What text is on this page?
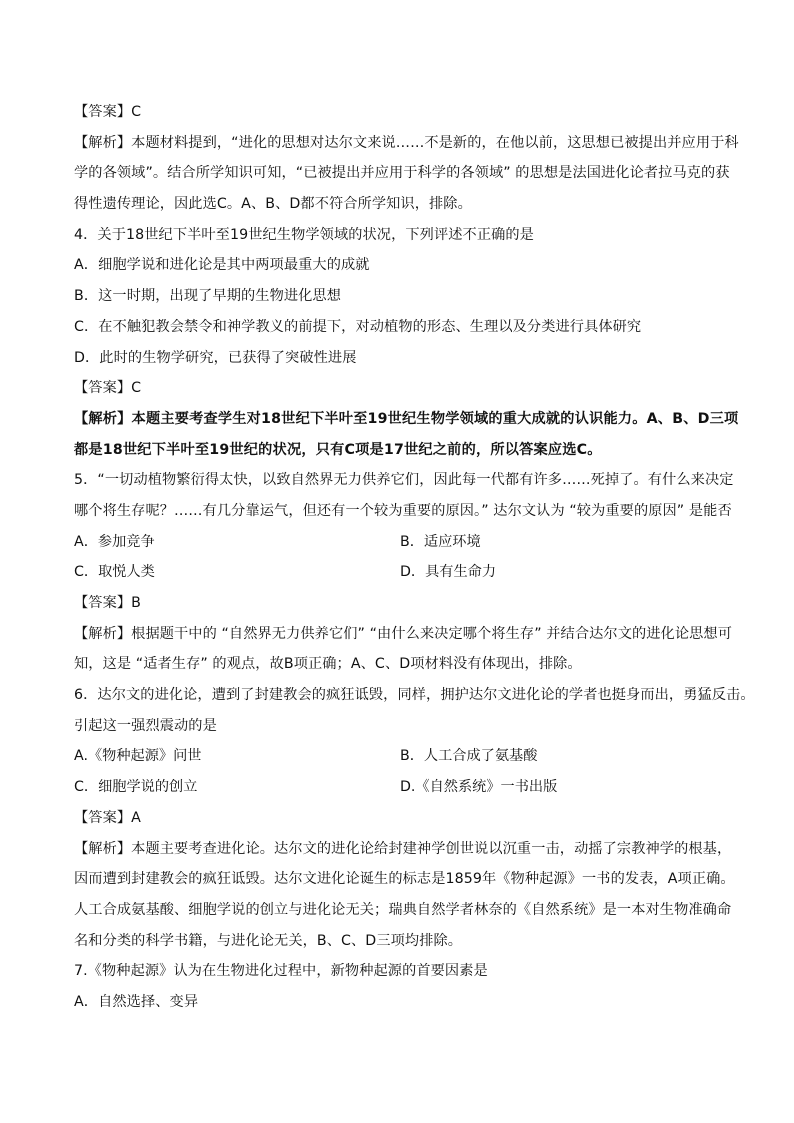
【答案】C
【解析】本题材料提到，“进化的思想对达尔文来说……不是新的，在他以前，这思想已被提出并应用于科
学的各领域”。结合所学知识可知，“已被提出并应用于科学的各领域” 的思想是法国进化论者拉马克的获
得性遗传理论，因此选C。A、B、D都不符合所学知识，排除。
4．关于18世纪下半叶至19世纪生物学领域的状况，下列评述不正确的是
A．细胞学说和进化论是其中两项最重大的成就
B．这一时期，出现了早期的生物进化思想
C．在不触犯教会禁令和神学教义的前提下，对动植物的形态、生理以及分类进行具体研究
D．此时的生物学研究，已获得了突破性进展
【答案】C
【解析】本题主要考查学生对18世纪下半叶至19世纪生物学领域的重大成就的认识能力。A、B、D三项
都是18世纪下半叶至19世纪的状况，只有C项是17世纪之前的，所以答案应选C。
5．“一切动植物繁衍得太快，以致自然界无力供养它们，因此每一代都有许多……死掉了。有什么来决定
哪个将生存呢？……有几分靠运气，但还有一个较为重要的原因。” 达尔文认为 “较为重要的原因” 是能否
A．参加竞争	B．适应环境
C．取悦人类	D．具有生命力
【答案】B
【解析】根据题干中的 “自然界无力供养它们” “由什么来决定哪个将生存” 并结合达尔文的进化论思想可
知，这是 “适者生存” 的观点，故B项正确；A、C、D项材料没有体现出，排除。
6．达尔文的进化论，遭到了封建教会的疯狂诋毁，同样，拥护达尔文进化论的学者也挺身而出，勇猛反击。
引起这一强烈震动的是
A.《物种起源》问世	B．人工合成了氨基酸
C．细胞学说的创立	D.《自然系统》一书出版
【答案】A
【解析】本题主要考查进化论。达尔文的进化论给封建神学创世说以沉重一击，动摇了宗教神学的根基，
因而遭到封建教会的疯狂诋毁。达尔文进化论诞生的标志是1859年《物种起源》一书的发表，A项正确。
人工合成氨基酸、细胞学说的创立与进化论无关；瑞典自然学者林奈的《自然系统》是一本对生物准确命
名和分类的科学书籍，与进化论无关，B、C、D三项均排除。
7.《物种起源》认为在生物进化过程中，新物种起源的首要因素是
A．自然选择、变异
